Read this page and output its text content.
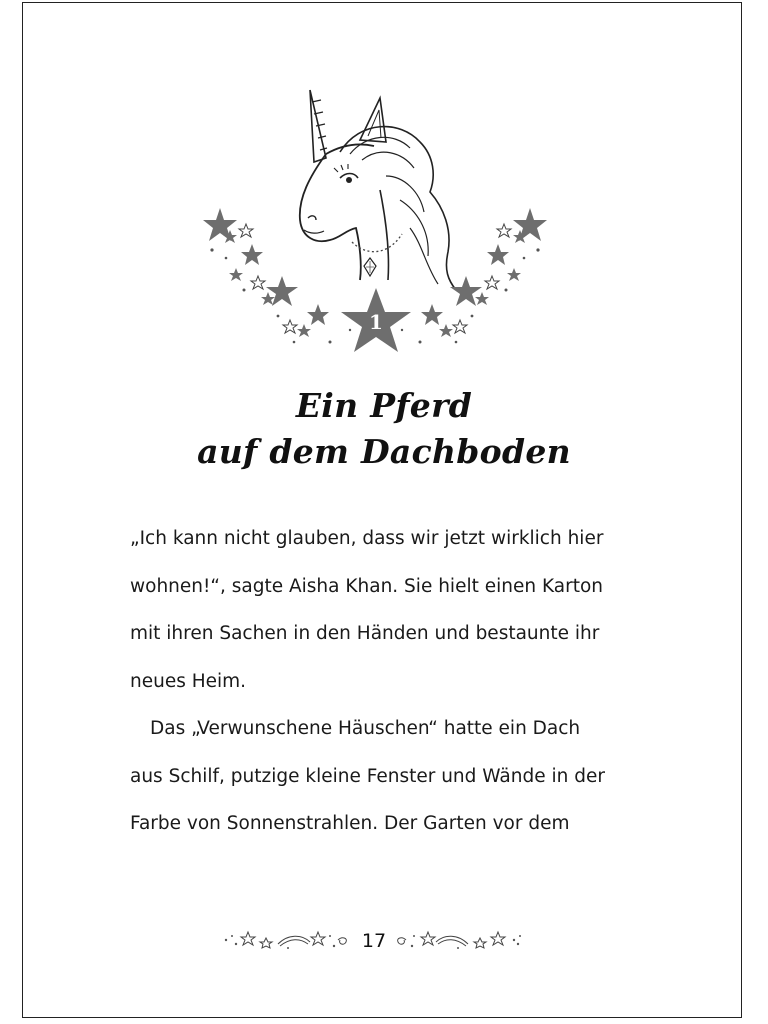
1
Ein Pferd
auf dem Dachboden
„Ich kann nicht glauben, dass wir jetzt wirklich hier
wohnen!“, sagte Aisha Khan. Sie hielt einen Karton
mit ihren Sachen in den Händen und bestaunte ihr
neues Heim.
Das „Verwunschene Häuschen“ hatte ein Dach
aus Schilf, putzige kleine Fenster und Wände in der
Farbe von Sonnenstrahlen. Der Garten vor dem
17
